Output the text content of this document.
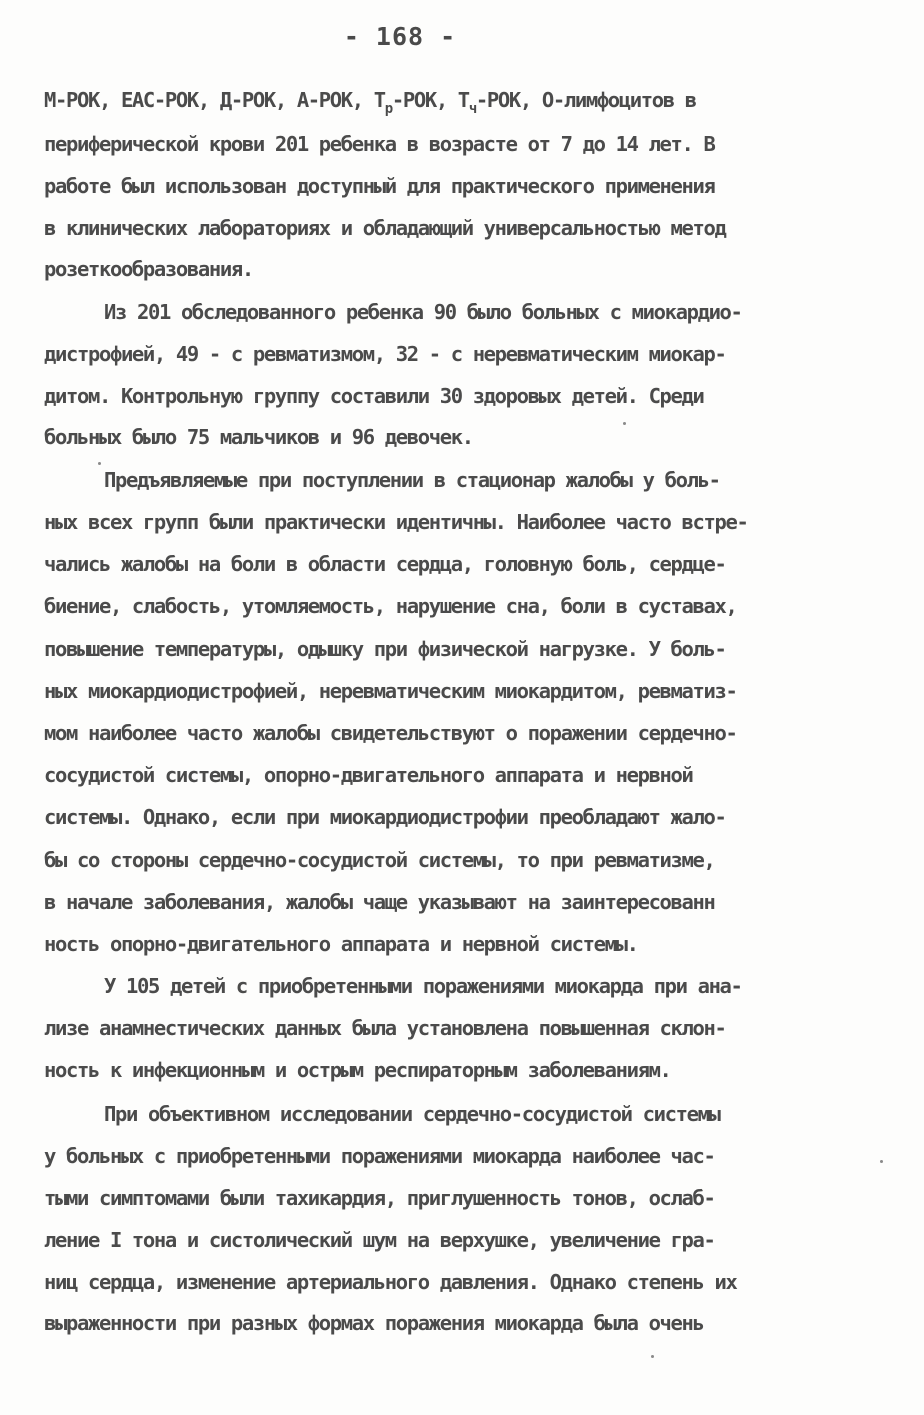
- 168 -
М-РОК, ЕАС-РОК, Д-РОК, А-РОК, $Т_р$-РОК, $Т_ч$-РОК, О-лимфоцитов в
периферической крови 201 ребенка в возрасте от 7 до 14 лет. В
работе был использован доступный для практического применения
в клинических лабораториях и обладающий универсальностью метод
розеткообразования.
Из 201 обследованного ребенка 90 было больных с миокардио-
дистрофией, 49 - с ревматизмом, 32 - с неревматическим миокар-
дитом. Контрольную группу составили 30 здоровых детей. Среди
больных было 75 мальчиков и 96 девочек.
Предъявляемые при поступлении в стационар жалобы у боль-
ных всех групп были практически идентичны. Наиболее часто встре-
чались жалобы на боли в области сердца, головную боль, сердце-
биение, слабость, утомляемость, нарушение сна, боли в суставах,
повышение температуры, одышку при физической нагрузке. У боль-
ных миокардиодистрофией, неревматическим миокардитом, ревматиз-
мом наиболее часто жалобы свидетельствуют о поражении сердечно-
сосудистой системы, опорно-двигательного аппарата и нервной
системы. Однако, если при миокардиодистрофии преобладают жало-
бы со стороны сердечно-сосудистой системы, то при ревматизме,
в начале заболевания, жалобы чаще указывают на заинтересованн
ность опорно-двигательного аппарата и нервной системы.
У 105 детей с приобретенными поражениями миокарда при ана-
лизе анамнестических данных была установлена повышенная склон-
ность к инфекционным и острым респираторным заболеваниям.
При объективном исследовании сердечно-сосудистой системы
у больных с приобретенными поражениями миокарда наиболее час-
тыми симптомами были тахикардия, приглушенность тонов, ослаб-
ление I тона и систолический шум на верхушке, увеличение гра-
ниц сердца, изменение артериального давления. Однако степень их
выраженности при разных формах поражения миокарда была очень
